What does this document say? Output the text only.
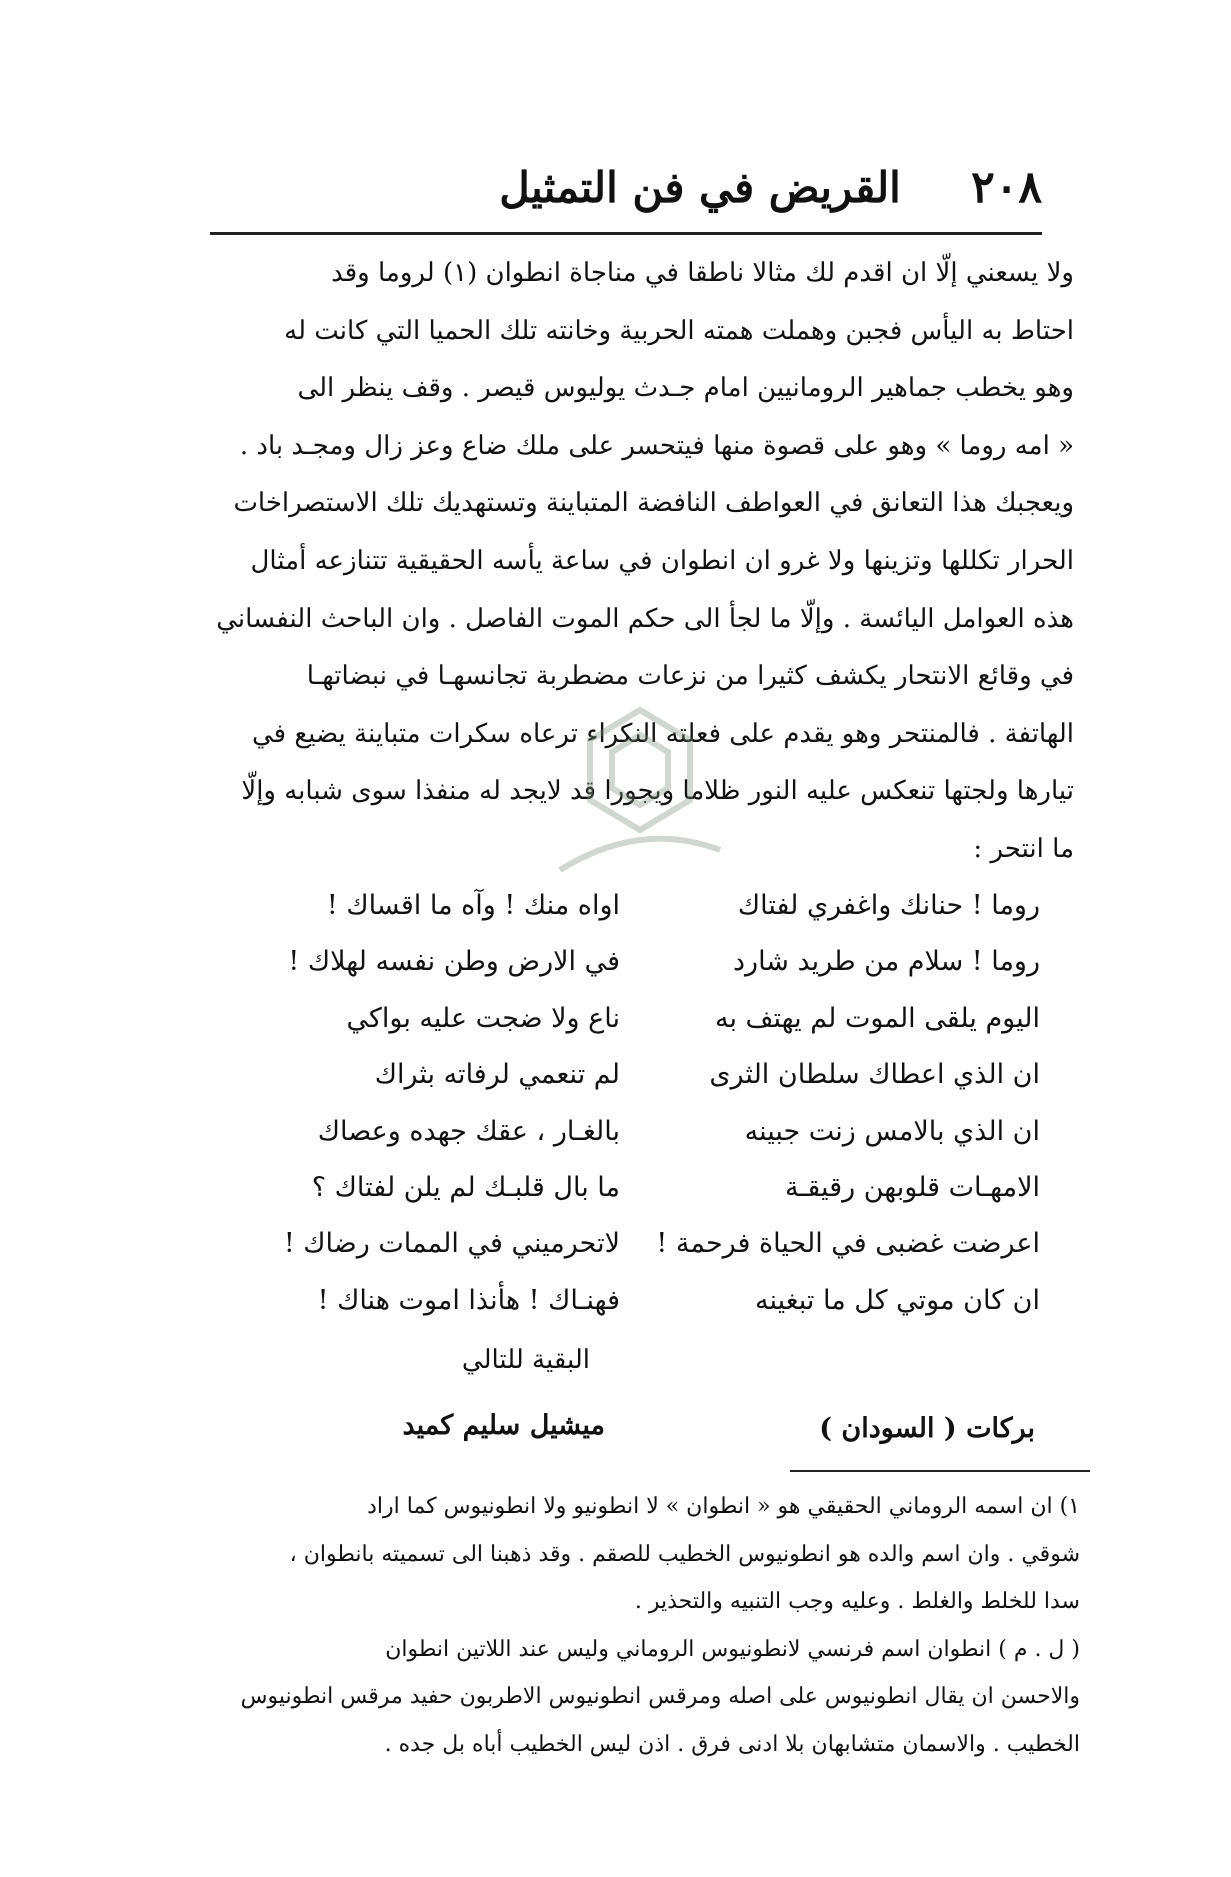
٢٠٨
القريض في فن التمثيل
ولا يسعني إلّا ان اقدم لك مثالا ناطقا في مناجاة انطوان (١) لروما وقد
احتاط به اليأس فجبن وهملت همته الحربية وخانته تلك الحميا التي كانت له
وهو يخطب جماهير الرومانيين امام جـدث يوليوس قيصر . وقف ينظر الى
« امه روما » وهو على قصوة منها فيتحسر على ملك ضاع وعز زال ومجـد باد .
ويعجبك هذا التعانق في العواطف النافضة المتباينة وتستهديك تلك الاستصراخات
الحرار تكللها وتزينها ولا غرو ان انطوان في ساعة يأسه الحقيقية تتنازعه أمثال
هذه العوامل اليائسة . وإلّا ما لجأ الى حكم الموت الفاصل . وان الباحث النفساني
في وقائع الانتحار يكشف كثيرا من نزعات مضطربة تجانسهـا في نبضاتهـا
الهاتفة . فالمنتحر وهو يقدم على فعلته النكراء ترعاه سكرات متباينة يضيع في
تيارها ولجتها تنعكس عليه النور ظلاما ويجورا قد لايجد له منفذا سوى شبابه وإلّا
ما انتحر :
روما ! حنانك واغفري لفتاك
اواه منك ! وآه ما اقساك !
روما ! سلام من طريد شارد
في الارض وطن نفسه لهلاك !
اليوم يلقى الموت لم يهتف به
ناع ولا ضجت عليه بواكي
ان الذي اعطاك سلطان الثرى
لم تنعمي لرفاته بثراك
ان الذي بالامس زنت جبينه
بالغـار ، عقك جهده وعصاك
الامهـات قلوبهن رقيقـة
ما بال قلبـك لم يلن لفتاك ؟
اعرضت غضبى في الحياة فرحمة !
لاتحرميني في الممات رضاك !
ان كان موتي كل ما تبغينه
فهنـاك ! هأنذا اموت هناك !
البقية للتالي
ميشيل سليم كميد	بركات ( السودان )
١) ان اسمه الروماني الحقيقي هو « انطوان » لا انطونيو ولا انطونيوس كما اراد
شوقي . وان اسم والده هو انطونيوس الخطيب للصقم . وقد ذهبنا الى تسميته بانطوان ،
سدا للخلط والغلط . وعليه وجب التنبيه والتحذير .
( ل . م ) انطوان اسم فرنسي لانطونيوس الروماني وليس عند اللاتين انطوان
والاحسن ان يقال انطونيوس على اصله ومرقس انطونيوس الاطربون حفيد مرقس انطونيوس
الخطيب . والاسمان متشابهان بلا ادنى فرق . اذن ليس الخطيب أباه بل جده .
